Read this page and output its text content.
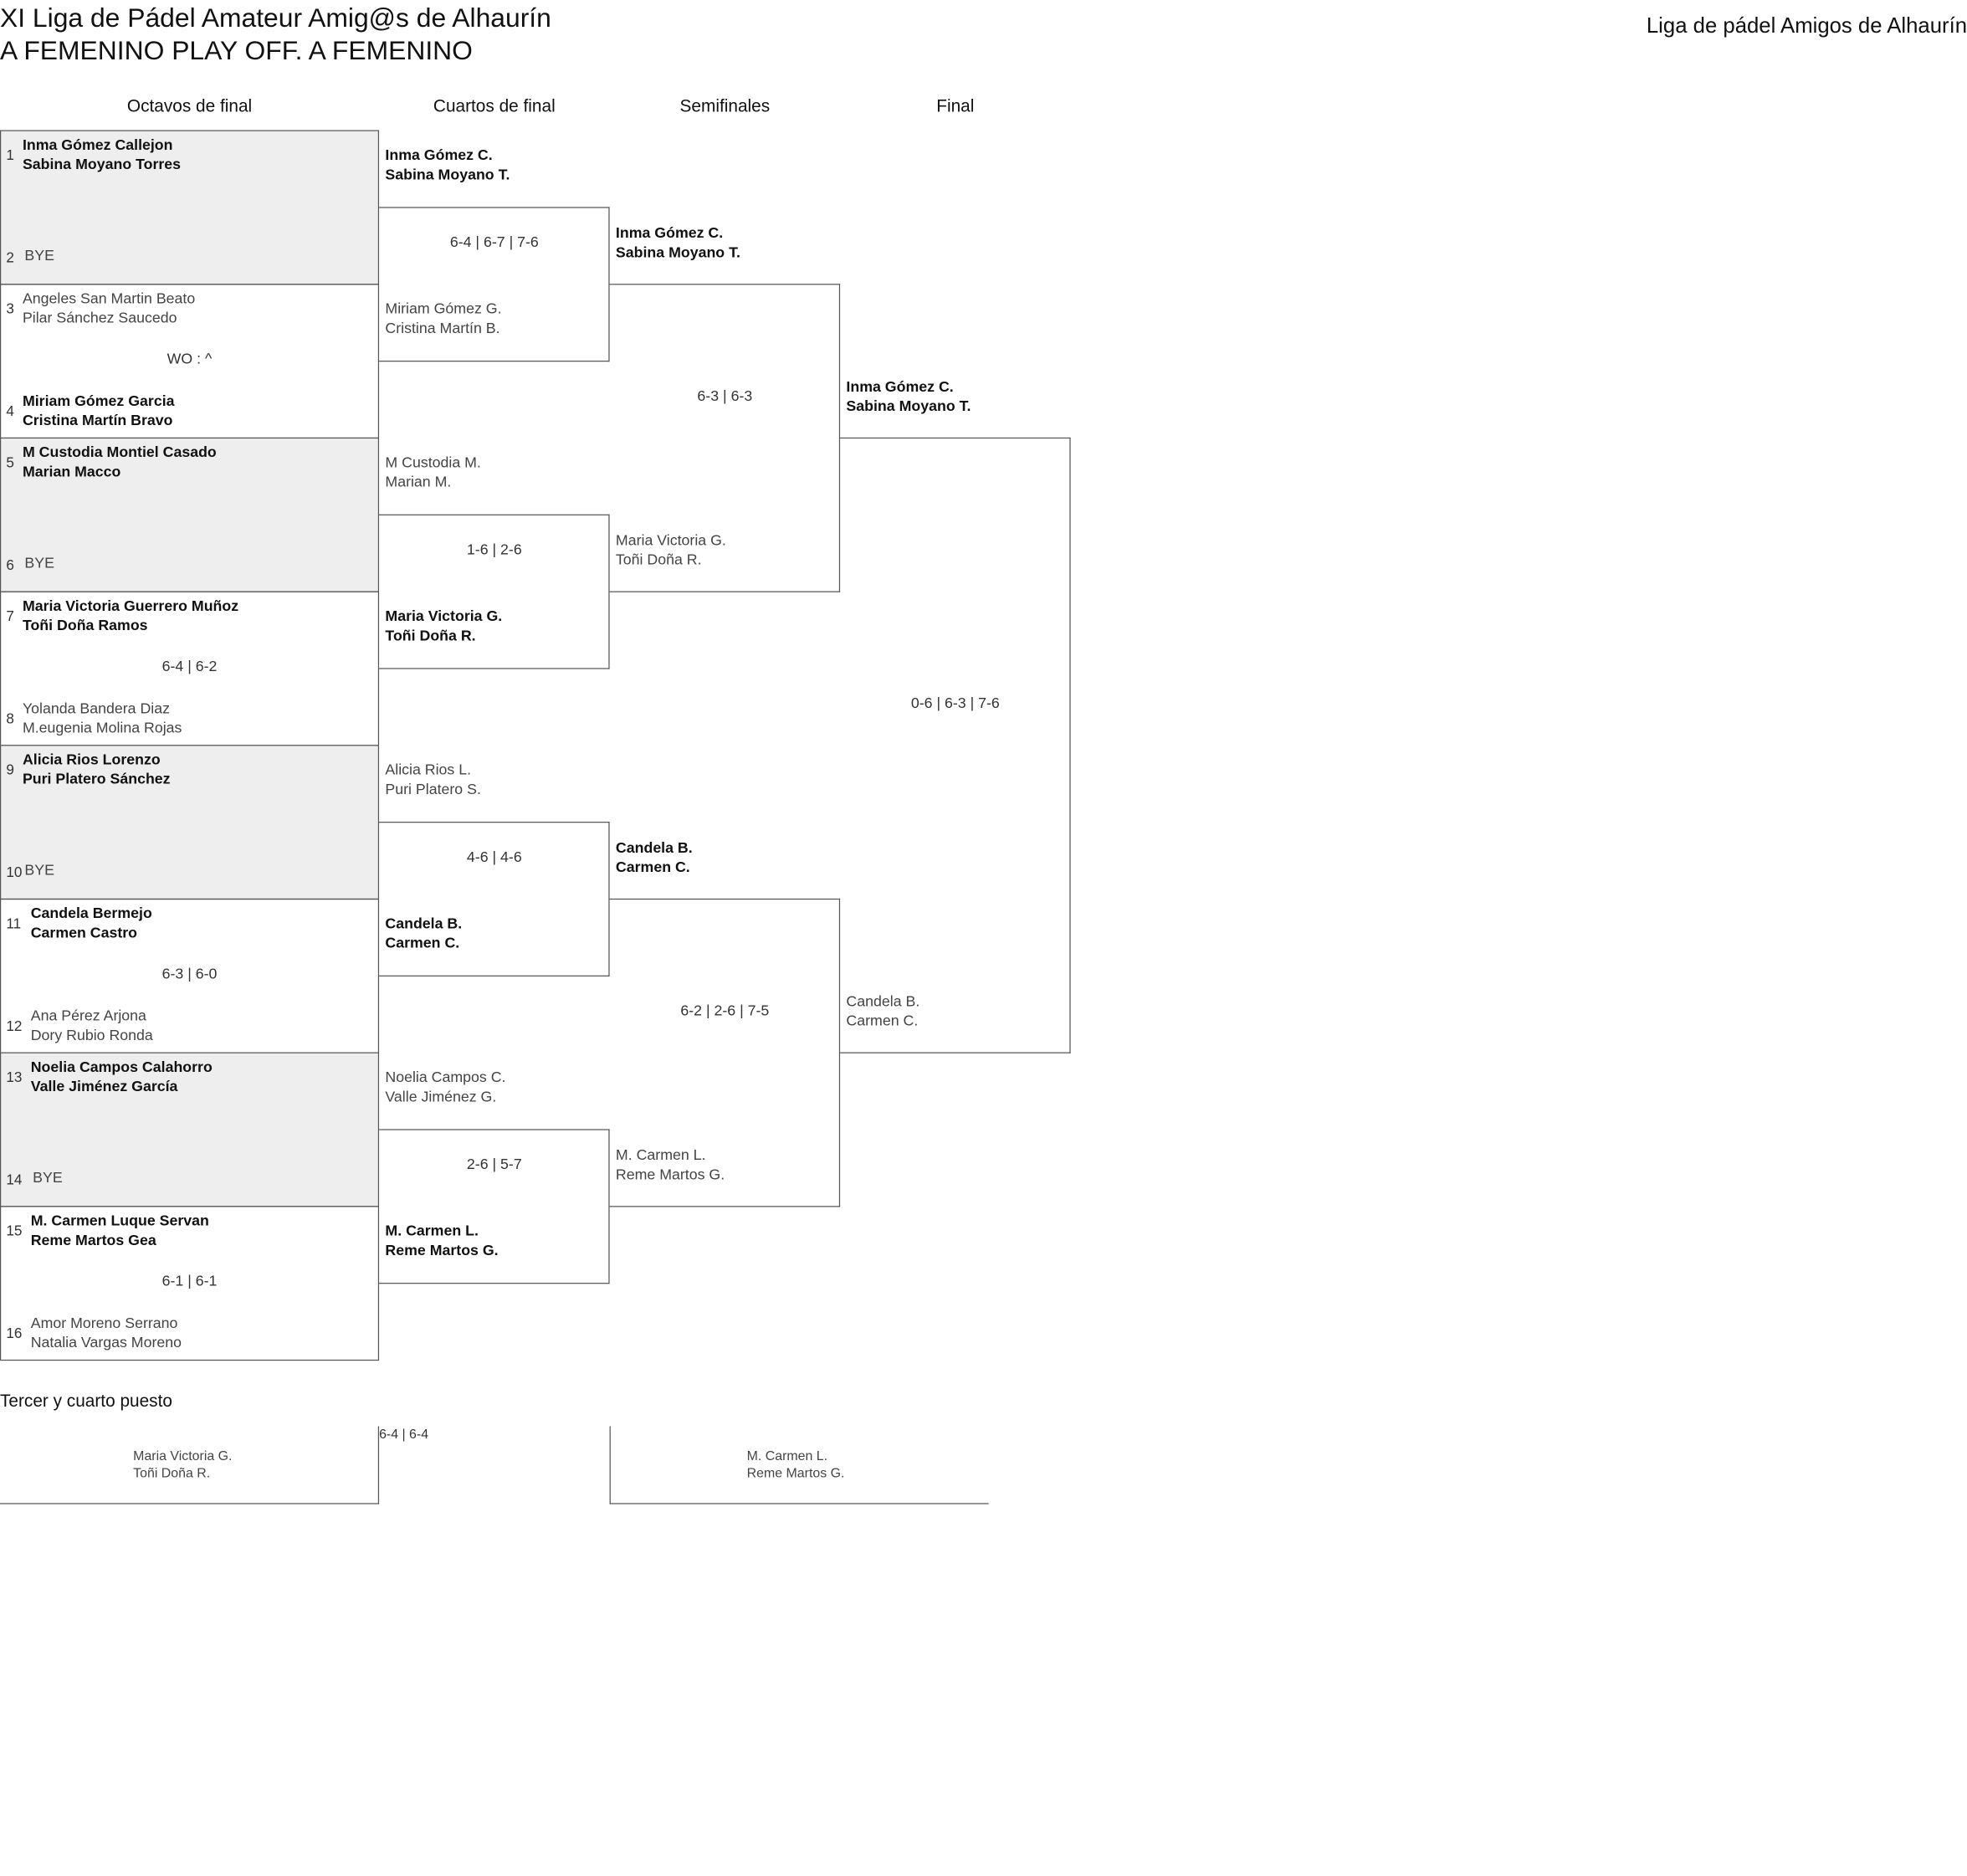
XI Liga de Pádel Amateur Amig@s de Alhaurín
A FEMENINO PLAY OFF. A FEMENINO
Liga de pádel Amigos de Alhaurín
Octavos de final	Cuartos de final	Semifinales	Final
1
Inma Gómez Callejon
Sabina Moyano Torres
2 BYE
3
Angeles San Martin Beato
Pilar Sánchez Saucedo
4
Miriam Gómez Garcia
Cristina Martín Bravo
WO : ^
5
M Custodia Montiel Casado
Marian Macco
6 BYE
7
Maria Victoria Guerrero Muñoz
Toñi Doña Ramos
8
Yolanda Bandera Diaz
M.eugenia Molina Rojas
6-4 | 6-2
9
Alicia Rios Lorenzo
Puri Platero Sánchez
10 BYE
11
Candela Bermejo
Carmen Castro
12
Ana Pérez Arjona
Dory Rubio Ronda
6-3 | 6-0
13
Noelia Campos Calahorro
Valle Jiménez García
14 BYE
15
M. Carmen Luque Servan
Reme Martos Gea
16
Amor Moreno Serrano
Natalia Vargas Moreno
6-1 | 6-1
Inma Gómez C.
Sabina Moyano T.
Miriam Gómez G.
Cristina Martín B.
6-4 | 6-7 | 7-6
M Custodia M.
Marian M.
Maria Victoria G.
Toñi Doña R.
1-6 | 2-6
Alicia Rios L.
Puri Platero S.
Candela B.
Carmen C.
4-6 | 4-6
Noelia Campos C.
Valle Jiménez G.
M. Carmen L.
Reme Martos G.
2-6 | 5-7
Inma Gómez C.
Sabina Moyano T.
Maria Victoria G.
Toñi Doña R.
6-3 | 6-3
Candela B.
Carmen C.
M. Carmen L.
Reme Martos G.
6-2 | 2-6 | 7-5
Inma Gómez C.
Sabina Moyano T.
Candela B.
Carmen C.
0-6 | 6-3 | 7-6
Tercer y cuarto puesto
Maria Victoria G.
Toñi Doña R.
6-4 | 6-4
M. Carmen L.
Reme Martos G.
